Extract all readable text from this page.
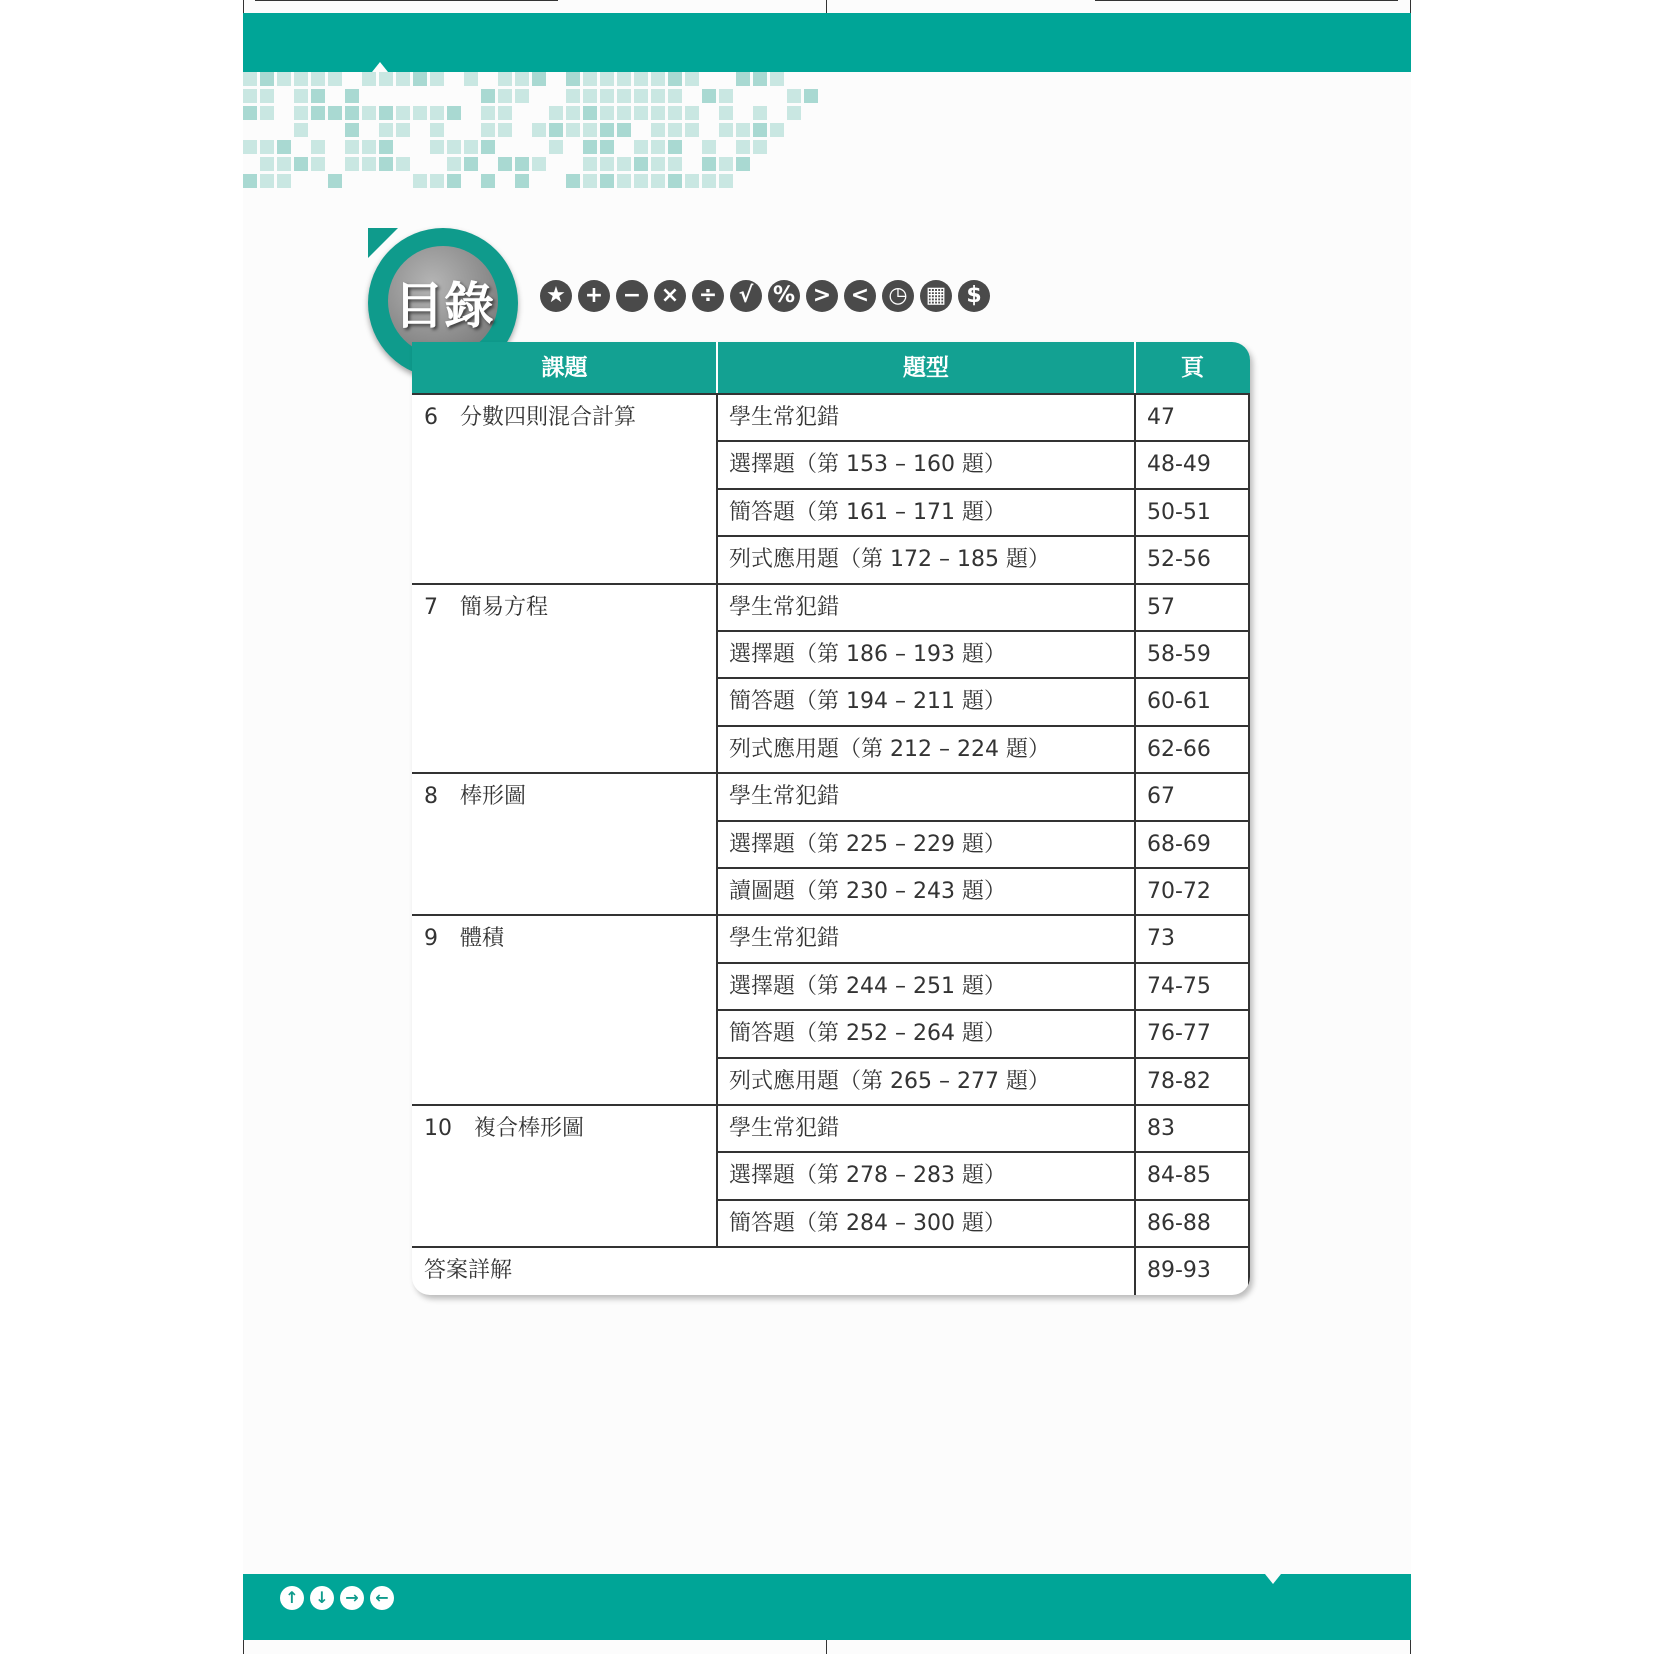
目錄	★ + − × ÷ √ % > < ◷ ▦ $
課題	題型	頁
6　分數四則混合計算	學生常犯錯	47
選擇題（第 153 – 160 題）	48-49
簡答題（第 161 – 171 題）	50-51
列式應用題（第 172 – 185 題）	52-56
7　簡易方程	學生常犯錯	57
選擇題（第 186 – 193 題）	58-59
簡答題（第 194 – 211 題）	60-61
列式應用題（第 212 – 224 題）	62-66
8　棒形圖	學生常犯錯	67
選擇題（第 225 – 229 題）	68-69
讀圖題（第 230 – 243 題）	70-72
9　體積	學生常犯錯	73
選擇題（第 244 – 251 題）	74-75
簡答題（第 252 – 264 題）	76-77
列式應用題（第 265 – 277 題）	78-82
10　複合棒形圖	學生常犯錯	83
選擇題（第 278 – 283 題）	84-85
簡答題（第 284 – 300 題）	86-88
答案詳解	89-93
↑	↓	→	←
